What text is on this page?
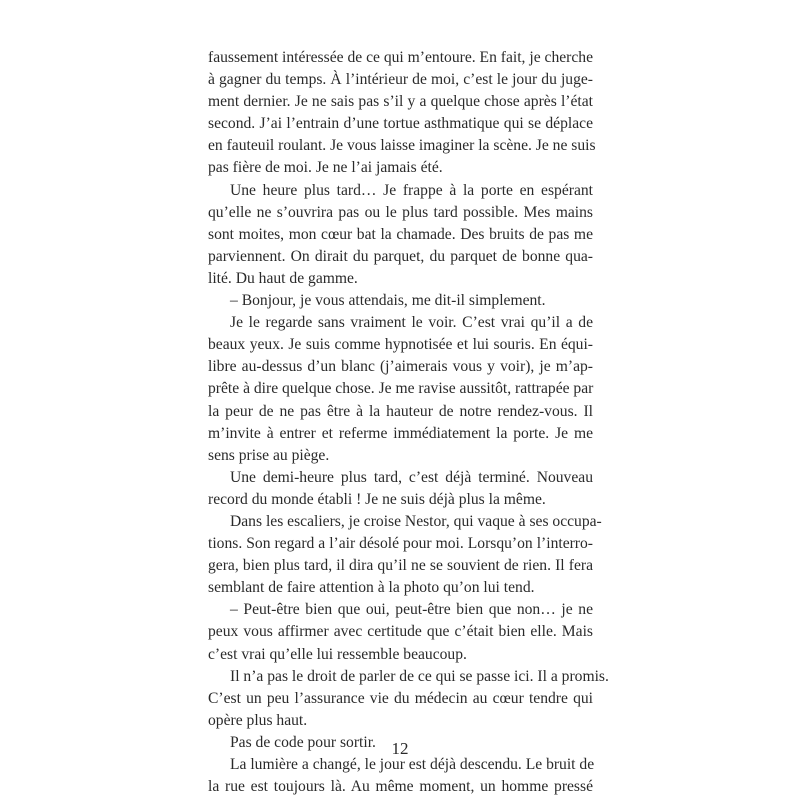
faussement intéressée de ce qui m’entoure. En fait, je cherche
à gagner du temps. À l’intérieur de moi, c’est le jour du juge-
ment dernier. Je ne sais pas s’il y a quelque chose après l’état
second. J’ai l’entrain d’une tortue asthmatique qui se déplace
en fauteuil roulant. Je vous laisse imaginer la scène. Je ne suis
pas fière de moi. Je ne l’ai jamais été.
Une heure plus tard… Je frappe à la porte en espérant
qu’elle ne s’ouvrira pas ou le plus tard possible. Mes mains
sont moites, mon cœur bat la chamade. Des bruits de pas me
parviennent. On dirait du parquet, du parquet de bonne qua-
lité. Du haut de gamme.
– Bonjour, je vous attendais, me dit-il simplement.
Je le regarde sans vraiment le voir. C’est vrai qu’il a de
beaux yeux. Je suis comme hypnotisée et lui souris. En équi-
libre au-dessus d’un blanc (j’aimerais vous y voir), je m’ap-
prête à dire quelque chose. Je me ravise aussitôt, rattrapée par
la peur de ne pas être à la hauteur de notre rendez-vous. Il
m’invite à entrer et referme immédiatement la porte. Je me
sens prise au piège.
Une demi-heure plus tard, c’est déjà terminé. Nouveau
record du monde établi ! Je ne suis déjà plus la même.
Dans les escaliers, je croise Nestor, qui vaque à ses occupa-
tions. Son regard a l’air désolé pour moi. Lorsqu’on l’interro-
gera, bien plus tard, il dira qu’il ne se souvient de rien. Il fera
semblant de faire attention à la photo qu’on lui tend.
– Peut-être bien que oui, peut-être bien que non… je ne
peux vous affirmer avec certitude que c’était bien elle. Mais
c’est vrai qu’elle lui ressemble beaucoup.
Il n’a pas le droit de parler de ce qui se passe ici. Il a promis.
C’est un peu l’assurance vie du médecin au cœur tendre qui
opère plus haut.
Pas de code pour sortir.
La lumière a changé, le jour est déjà descendu. Le bruit de
la rue est toujours là. Au même moment, un homme pressé
12
